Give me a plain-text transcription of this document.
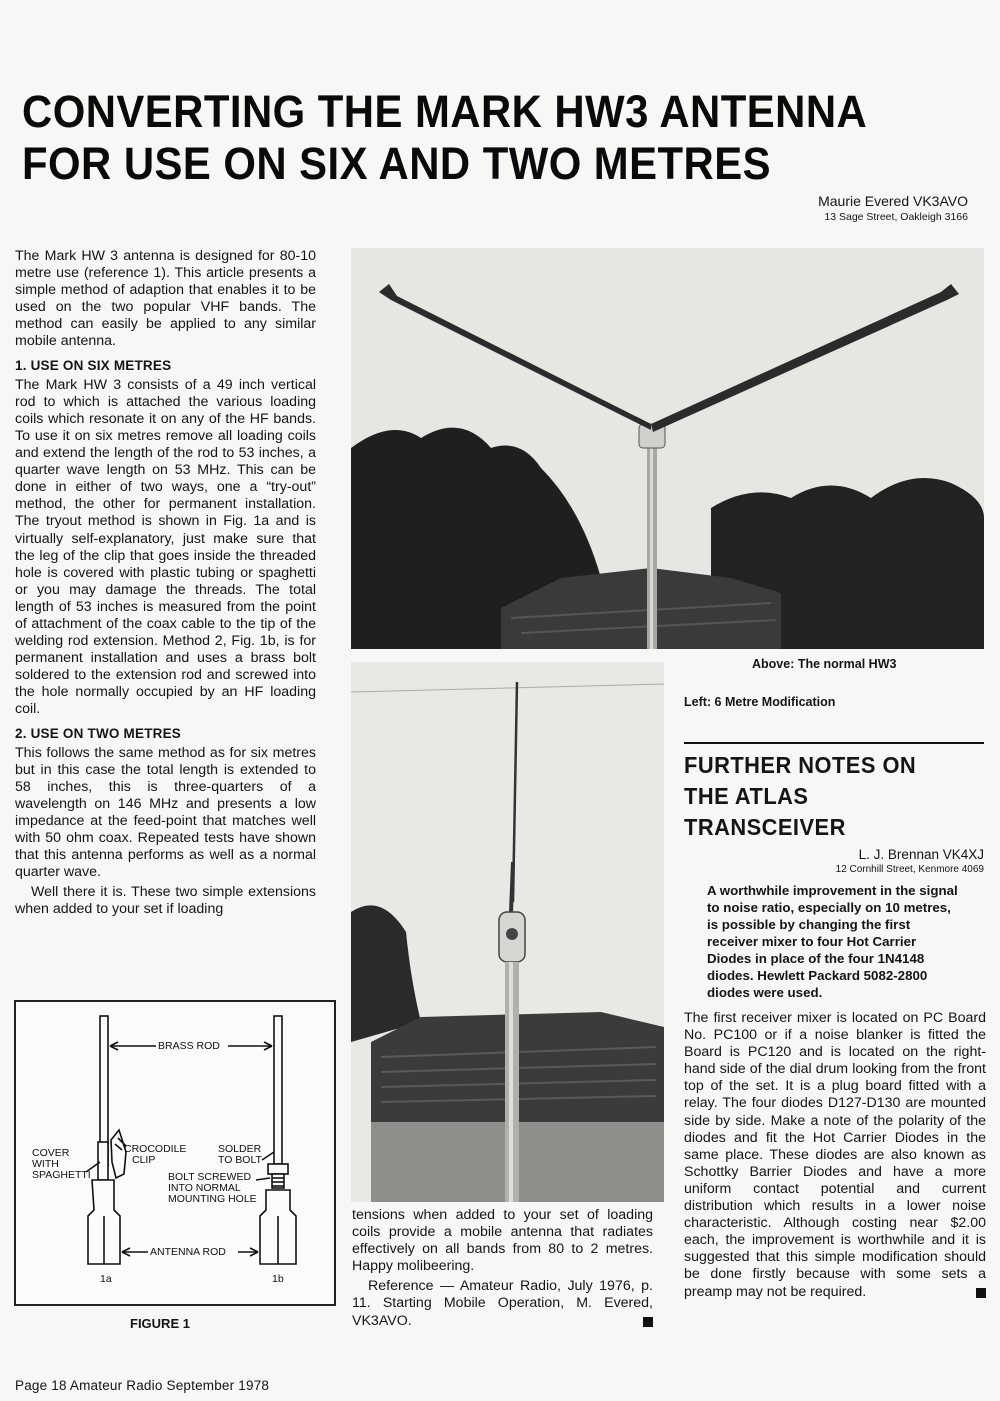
CONVERTING THE MARK HW3 ANTENNA
FOR USE ON SIX AND TWO METRES
Maurie Evered VK3AVO
13 Sage Street, Oakleigh 3166

The Mark HW 3 antenna is designed for 80-10 metre use (reference 1). This article presents a simple method of adaption that enables it to be used on the two popular VHF bands. The method can easily be applied to any similar mobile antenna.

1. USE ON SIX METRES

The Mark HW 3 consists of a 49 inch vertical rod to which is attached the various loading coils which resonate it on any of the HF bands. To use it on six metres remove all loading coils and extend the length of the rod to 53 inches, a quarter wave length on 53 MHz. This can be done in either of two ways, one a “try-out” method, the other for permanent installation. The tryout method is shown in Fig. 1a and is virtually self-explanatory, just make sure that the leg of the clip that goes inside the threaded hole is covered with plastic tubing or spaghetti or you may damage the threads. The total length of 53 inches is measured from the point of attachment of the coax cable to the tip of the welding rod extension. Method 2, Fig. 1b, is for permanent installation and uses a brass bolt soldered to the extension rod and screwed into the hole normally occupied by an HF loading coil.

2. USE ON TWO METRES

This follows the same method as for six metres but in this case the total length is extended to 58 inches, this is three-quarters of a wavelength on 146 MHz and presents a low impedance at the feed-point that matches well with 50 ohm coax. Repeated tests have shown that this antenna performs as well as a normal quarter wave.

Well there it is. These two simple extensions when added to your set if loading

BRASS ROD
COVER
WITH
SPAGHETTI
CROCODILE
CLIP
SOLDER
TO BOLT
BOLT SCREWED
INTO NORMAL
MOUNTING HOLE
ANTENNA ROD
1a	1b
FIGURE 1
Above: The normal HW3
Left: 6 Metre Modification

tensions when added to your set of loading coils provide a mobile antenna that radiates effectively on all bands from 80 to 2 metres. Happy molibeering.

Reference — Amateur Radio, July 1976, p. 11. Starting Mobile Operation, M. Evered, VK3AVO.

FURTHER NOTES ON
THE ATLAS
TRANSCEIVER
L. J. Brennan VK4XJ
12 Cornhill Street, Kenmore 4069
A worthwhile improvement in the signal to noise ratio, especially on 10 metres, is possible by changing the first receiver mixer to four Hot Carrier Diodes in place of the four 1N4148 diodes. Hewlett Packard 5082-2800 diodes were used.

The first receiver mixer is located on PC Board No. PC100 or if a noise blanker is fitted the Board is PC120 and is located on the right-hand side of the dial drum looking from the front top of the set. It is a plug board fitted with a relay. The four diodes D127-D130 are mounted side by side. Make a note of the polarity of the diodes and fit the Hot Carrier Diodes in the same place. These diodes are also known as Schottky Barrier Diodes and have a more uniform contact potential and current distribution which results in a lower noise characteristic. Although costing near $2.00 each, the improvement is worthwhile and it is suggested that this simple modification should be done firstly because with some sets a preamp may not be required.

Page 18 Amateur Radio September 1978
